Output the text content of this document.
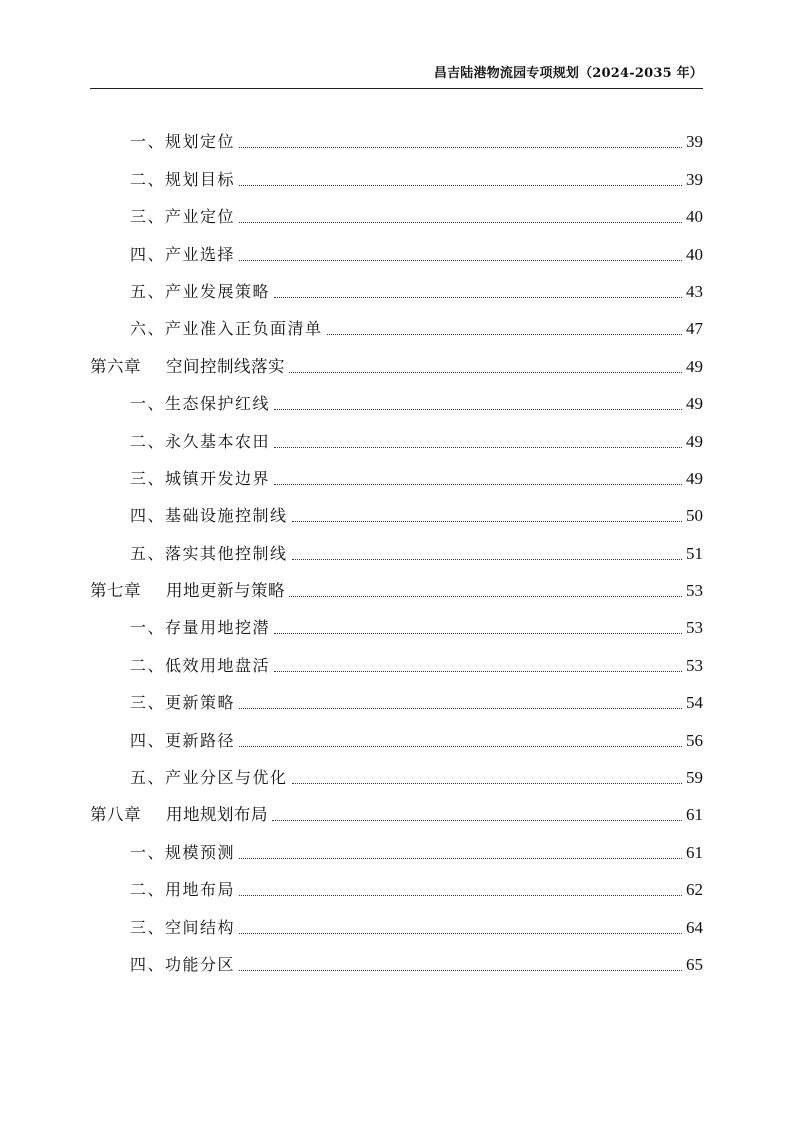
昌吉陆港物流园专项规划（2024-2035 年）
一、规划定位	39
二、规划目标	39
三、产业定位	40
四、产业选择	40
五、产业发展策略	43
六、产业准入正负面清单	47
第六章 空间控制线落实	49
一、生态保护红线	49
二、永久基本农田	49
三、城镇开发边界	49
四、基础设施控制线	50
五、落实其他控制线	51
第七章 用地更新与策略	53
一、存量用地挖潜	53
二、低效用地盘活	53
三、更新策略	54
四、更新路径	56
五、产业分区与优化	59
第八章 用地规划布局	61
一、规模预测	61
二、用地布局	62
三、空间结构	64
四、功能分区	65
